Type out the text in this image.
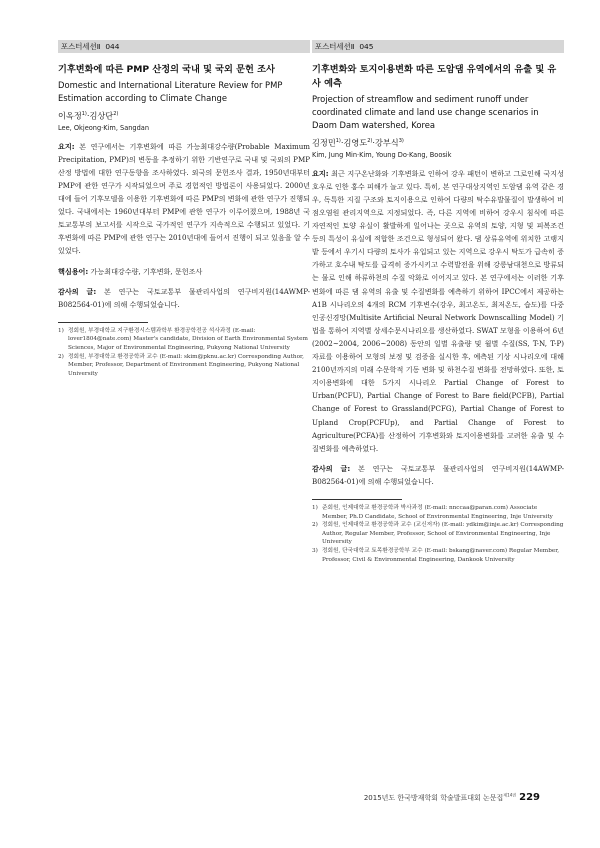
포스터세션Ⅱ 044
기후변화에 따른 PMP 산정의 국내 및 국외 문헌 조사
Domestic and International Literature Review for PMP Estimation according to Climate Change
이옥정$^{1)}$·김상단$^{2)}$
Lee, Okjeong·Kim, Sangdan
요지: 본 연구에서는 기후변화에 따른 가능최대강수량(Probable Maximum Precipitation, PMP)의 변동을 추정하기 위한 기반연구로 국내 및 국외의 PMP 산정 방법에 대한 연구동향을 조사하였다. 외국의 문헌조사 결과, 1950년대부터 PMP에 관한 연구가 시작되었으며 주로 경험적인 방법론이 사용되었다. 2000년대에 들어 기후모델을 이용한 기후변화에 따른 PMP의 변화에 관한 연구가 진행되었다. 국내에서는 1960년대부터 PMP에 관한 연구가 이루어졌으며, 1988년 국토교통부의 보고서를 시작으로 국가적인 연구가 지속적으로 수행되고 있었다. 기후변화에 따른 PMP에 관한 연구는 2010년대에 들어서 진행이 되고 있음을 알 수 있었다.
핵심용어: 가능최대강수량, 기후변화, 문헌조사
감사의 글: 본 연구는 국토교통부 물관리사업의 연구비지원(14AWMP-B082564-01)에 의해 수행되었습니다.
1) 정회원, 부경대학교 지구환경시스템과학부 환경공학전공 석사과정 (E-mail: lover1804@nate.com) Master's candidate, Division of Earth Environmental System Sciences, Major of Environmental Engineering, Pukyong National University
2) 정회원, 부경대학교 환경공학과 교수 (E-mail: skim@pknu.ac.kr) Corresponding Author, Member, Professor, Department of Environment Engineering, Pukyong National University
포스터세션Ⅱ 045
기후변화와 토지이용변화 따른 도암댐 유역에서의 유출 및 유사 예측
Projection of streamflow and sediment runoff under coordinated climate and land use change scenarios in Daom Dam watershed, Korea
김정민$^{1)}$·김영도$^{2)}$·강부식$^{3)}$
Kim, Jung Min·Kim, Young Do·Kang, Boosik
요지: 최근 지구온난화와 기후변화로 인하여 강우 패턴이 변하고 그로인해 국지성 호우로 인한 홍수 피해가 늘고 있다. 특히, 본 연구대상지역인 도암댐 유역 같은 경우, 독특한 지질 구조와 토지이용으로 인하여 다량의 탁수유발물질이 발생하여 비점오염원 관리지역으로 지정되었다. 즉, 다른 지역에 비하여 강우시 침식에 따른 자연적인 토양 유실이 활발하게 일어나는 곳으로 유역의 토양, 지형 및 피복조건 등의 특성이 유실에 적합한 조건으로 형성되어 왔다. 댐 상류유역에 위치한 고랭지밭 등에서 우기시 다량의 토사가 유입되고 있는 지역으로 강우시 탁도가 급속히 증가하고 호수내 탁도를 급격히 증가시키고 수력발전을 위해 강릉남대천으로 방류되는 물로 인해 하류하천의 수질 악화로 이어지고 있다. 본 연구에서는 이러한 기후변화에 따른 댐 유역의 유출 및 수질변화를 예측하기 위하여 IPCC에서 제공하는 A1B 시나리오의 4개의 RCM 기후변수(강우, 최고온도, 최저온도, 습도)를 다중인공신경망(Multisite Artificial Neural Network Downscalling Model) 기법을 통하여 지역별 상세수문시나리오를 생산하였다. SWAT 모형을 이용하여 6년(2002~2004, 2006~2008) 동안의 일별 유출량 및 월별 수질(SS, T-N, T-P) 자료를 이용하여 모형의 보정 및 검증을 실시한 후, 예측된 기상 시나리오에 대해 2100년까지의 미래 수문학적 기동 변화 및 하천수질 변화를 전망하였다. 또한, 토지이용변화에 대한 5가지 시나리오 Partial Change of Forest to Urban(PCFU), Partial Change of Forest to Bare field(PCFB), Partial Change of Forest to Grassland(PCFG), Partial Change of Forest to Upland Crop(PCFUp), and Partial Change of Forest to Agriculture(PCFA)를 산정하여 기후변화와 토지이용변화를 고려한 유출 및 수질변화를 예측하였다.
감사의 글: 본 연구는 국토교통부 물관리사업의 연구비지원(14AWMP-B082564-01)에 의해 수행되었습니다.
1) 준회원, 인제대학교 환경공학과 박사과정 (E-mail: nnccaa@paran.com) Associate Member, Ph.D Candidate, School of Environmental Engineering, Inje University
2) 정회원, 인제대학교 환경공학과 교수 (교신저자) (E-mail: ydkim@inje.ac.kr) Corresponding Author, Regular Member, Professor, School of Environmental Engineering, Inje University
3) 정회원, 단국대학교 토목환경공학부 교수 (E-mail: bskang@naver.com) Regular Member, Professor, Civil & Environmental Engineering, Dankook University
2015년도 한국방재학회 학술발표대회 논문집$^{제14권}$ 229
